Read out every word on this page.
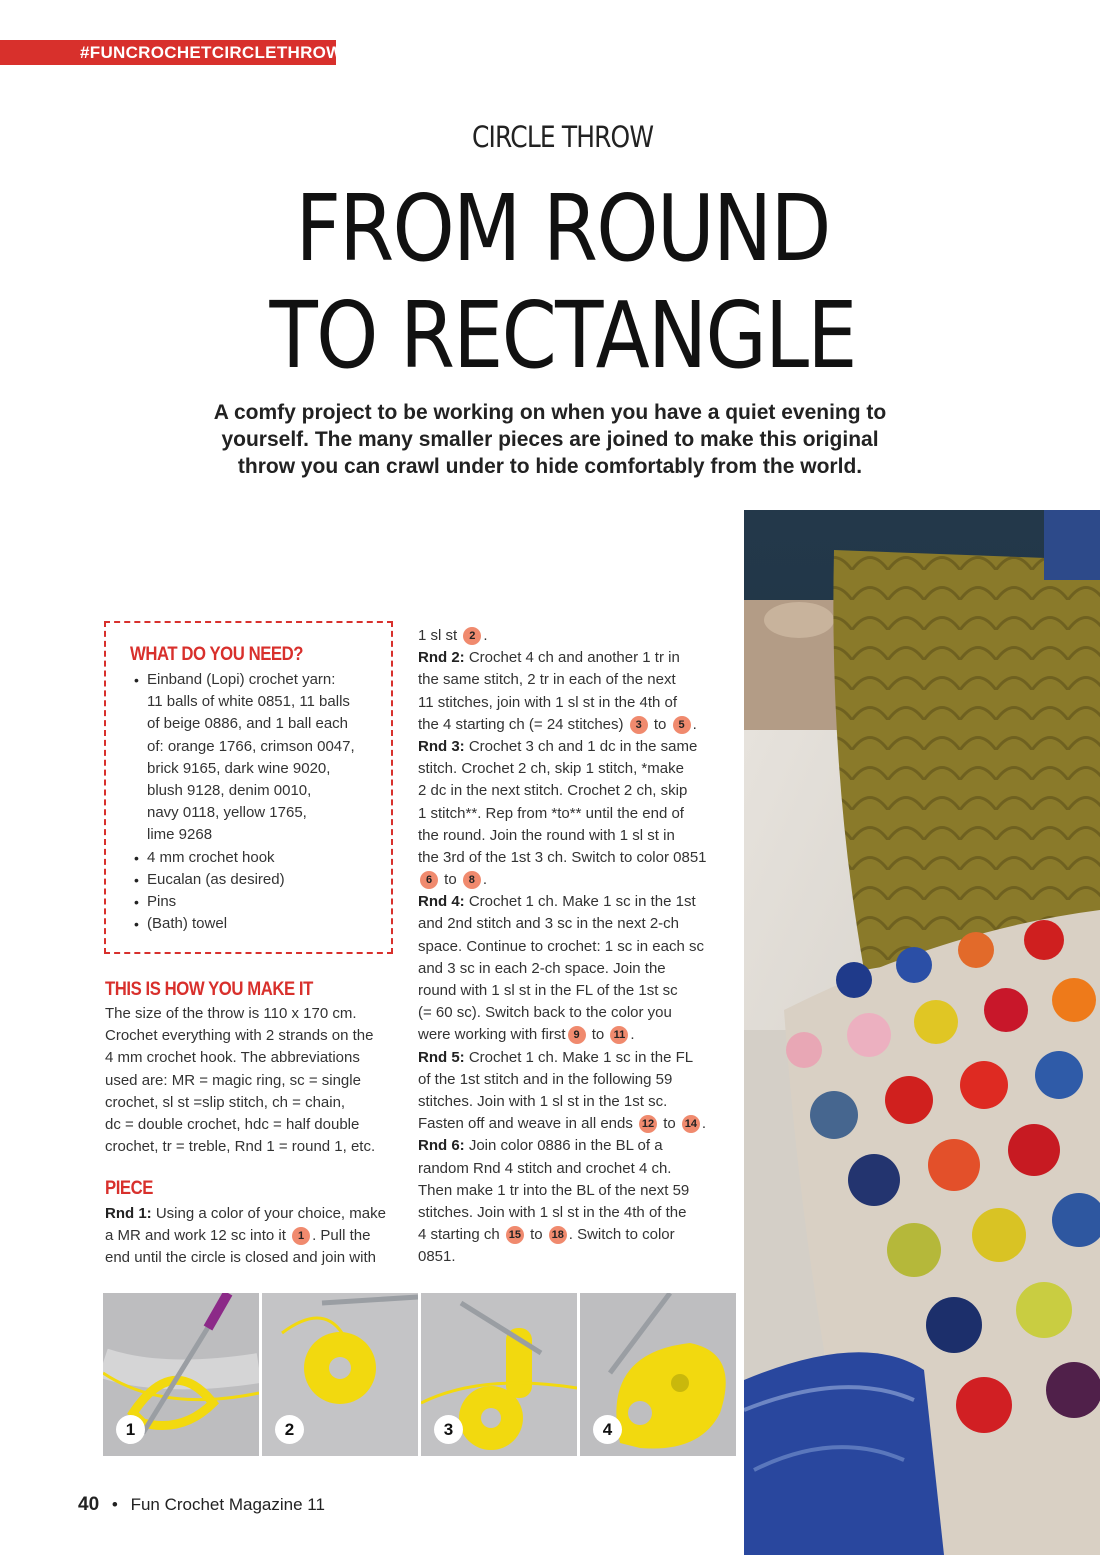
#FUNCROCHETCIRCLETHROW
CIRCLE THROW
FROM ROUND
TO RECTANGLE
A comfy project to be working on when you have a quiet evening to
yourself. The many smaller pieces are joined to make this original
throw you can crawl under to hide comfortably from the world.
WHAT DO YOU NEED?
• Einband (Lopi) crochet yarn:
11 balls of white 0851, 11 balls
of beige 0886, and 1 ball each
of: orange 1766, crimson 0047,
brick 9165, dark wine 9020,
blush 9128, denim 0010,
navy 0118, yellow 1765,
lime 9268
• 4 mm crochet hook
• Eucalan (as desired)
• Pins
• (Bath) towel
THIS IS HOW YOU MAKE IT
The size of the throw is 110 x 170 cm.
Crochet everything with 2 strands on the
4 mm crochet hook. The abbreviations
used are: MR = magic ring, sc = single
crochet, sl st =slip stitch, ch = chain,
dc = double crochet, hdc = half double
crochet, tr = treble, Rnd 1 = round 1, etc.
PIECE
Rnd 1: Using a color of your choice, make
a MR and work 12 sc into it 1 . Pull the
end until the circle is closed and join with
1 sl st 2 .
Rnd 2: Crochet 4 ch and another 1 tr in
the same stitch, 2 tr in each of the next
11 stitches, join with 1 sl st in the 4th of
the 4 starting ch (= 24 stitches) 3 to 5 .
Rnd 3: Crochet 3 ch and 1 dc in the same
stitch. Crochet 2 ch, skip 1 stitch, *make
2 dc in the next stitch. Crochet 2 ch, skip
1 stitch**. Rep from *to** until the end of
the round. Join the round with 1 sl st in
the 3rd of the 1st 3 ch. Switch to color 0851
6 to 8 .
Rnd 4: Crochet 1 ch. Make 1 sc in the 1st
and 2nd stitch and 3 sc in the next 2-ch
space. Continue to crochet: 1 sc in each sc
and 3 sc in each 2-ch space. Join the
round with 1 sl st in the FL of the 1st sc
(= 60 sc). Switch back to the color you
were working with first 9 to 11 .
Rnd 5: Crochet 1 ch. Make 1 sc in the FL
of the 1st stitch and in the following 59
stitches. Join with 1 sl st in the 1st sc.
Fasten off and weave in all ends 12 to 14 .
Rnd 6: Join color 0886 in the BL of a
random Rnd 4 stitch and crochet 4 ch.
Then make 1 tr into the BL of the next 59
stitches. Join with 1 sl st in the 4th of the
4 starting ch 15 to 18 . Switch to color
0851.
1	2	3	4
40 • Fun Crochet Magazine 11
